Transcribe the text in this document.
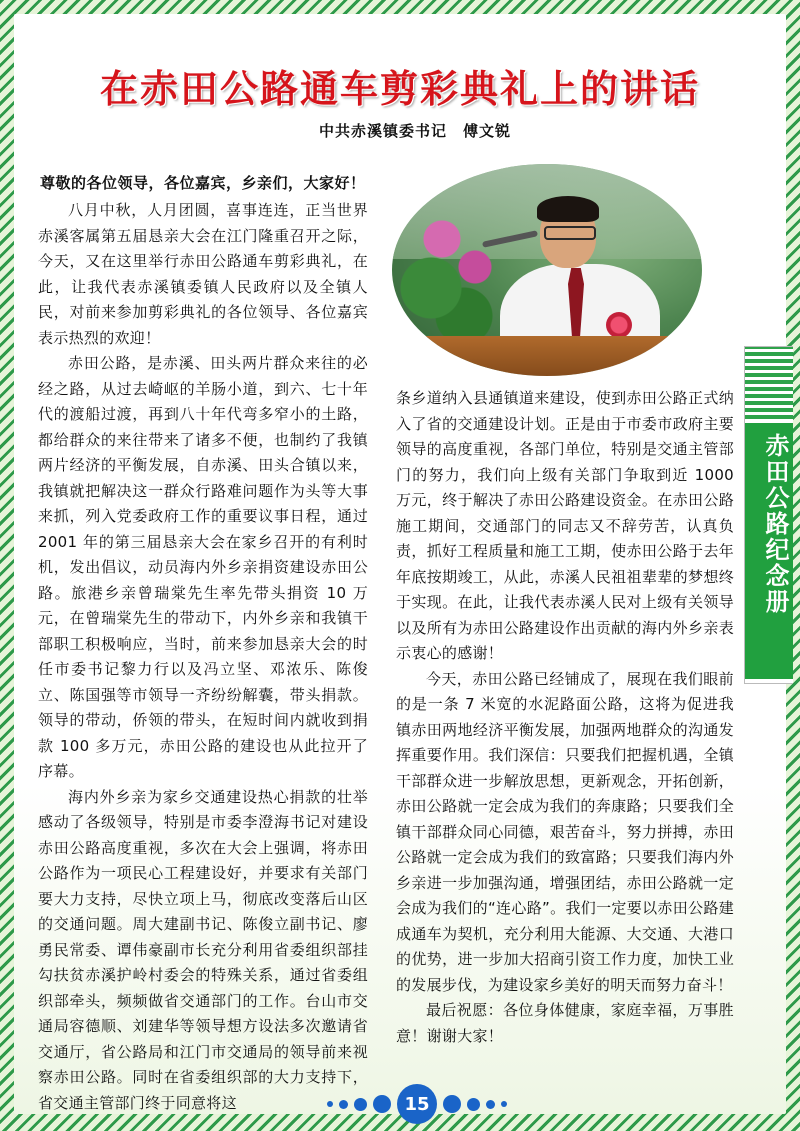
在赤田公路通车剪彩典礼上的讲话
中共赤溪镇委书记　傅文锐
尊敬的各位领导，各位嘉宾，乡亲们，大家好！

八月中秋，人月团圆，喜事连连，正当世界赤溪客属第五届恳亲大会在江门隆重召开之际，今天，又在这里举行赤田公路通车剪彩典礼，在此，让我代表赤溪镇委镇人民政府以及全镇人民，对前来参加剪彩典礼的各位领导、各位嘉宾表示热烈的欢迎！

赤田公路，是赤溪、田头两片群众来往的必经之路，从过去崎岖的羊肠小道，到六、七十年代的渡船过渡，再到八十年代弯多窄小的土路，都给群众的来往带来了诸多不便，也制约了我镇两片经济的平衡发展，自赤溪、田头合镇以来，我镇就把解决这一群众行路难问题作为头等大事来抓，列入党委政府工作的重要议事日程，通过 2001 年的第三届恳亲大会在家乡召开的有利时机，发出倡议，动员海内外乡亲捐资建设赤田公路。旅港乡亲曾瑞棠先生率先带头捐资 10 万元，在曾瑞棠先生的带动下，内外乡亲和我镇干部职工积极响应，当时，前来参加恳亲大会的时任市委书记黎力行以及冯立坚、邓浓乐、陈俊立、陈国强等市领导一齐纷纷解囊，带头捐款。领导的带动，侨领的带头，在短时间内就收到捐款 100 多万元，赤田公路的建设也从此拉开了序幕。

海内外乡亲为家乡交通建设热心捐款的壮举感动了各级领导，特别是市委李澄海书记对建设赤田公路高度重视，多次在大会上强调，将赤田公路作为一项民心工程建设好，并要求有关部门要大力支持，尽快立项上马，彻底改变落后山区的交通问题。周大建副书记、陈俊立副书记、廖勇民常委、谭伟豪副市长充分利用省委组织部挂勾扶贫赤溪护岭村委会的特殊关系，通过省委组织部牵头，频频做省交通部门的工作。台山市交通局容德顺、刘建华等领导想方设法多次邀请省交通厅，省公路局和江门市交通局的领导前来视察赤田公路。同时在省委组织部的大力支持下，省交通主管部门终于同意将这

条乡道纳入县通镇道来建设，使到赤田公路正式纳入了省的交通建设计划。正是由于市委市政府主要领导的高度重视，各部门单位，特别是交通主管部门的努力，我们向上级有关部门争取到近 1000 万元，终于解决了赤田公路建设资金。在赤田公路施工期间，交通部门的同志又不辞劳苦，认真负责，抓好工程质量和施工工期，使赤田公路于去年年底按期竣工，从此，赤溪人民祖祖辈辈的梦想终于实现。在此，让我代表赤溪人民对上级有关领导以及所有为赤田公路建设作出贡献的海内外乡亲表示衷心的感谢！

今天，赤田公路已经铺成了，展现在我们眼前的是一条 7 米宽的水泥路面公路，这将为促进我镇赤田两地经济平衡发展，加强两地群众的沟通发挥重要作用。我们深信：只要我们把握机遇，全镇干部群众进一步解放思想，更新观念，开拓创新，赤田公路就一定会成为我们的奔康路；只要我们全镇干部群众同心同德，艰苦奋斗，努力拼搏，赤田公路就一定会成为我们的致富路；只要我们海内外乡亲进一步加强沟通，增强团结，赤田公路就一定会成为我们的“连心路”。我们一定要以赤田公路建成通车为契机，充分利用大能源、大交通、大港口的优势，进一步加大招商引资工作力度，加快工业的发展步伐，为建设家乡美好的明天而努力奋斗！

最后祝愿：各位身体健康，家庭幸福，万事胜意！谢谢大家！

赤田公路纪念册
15
